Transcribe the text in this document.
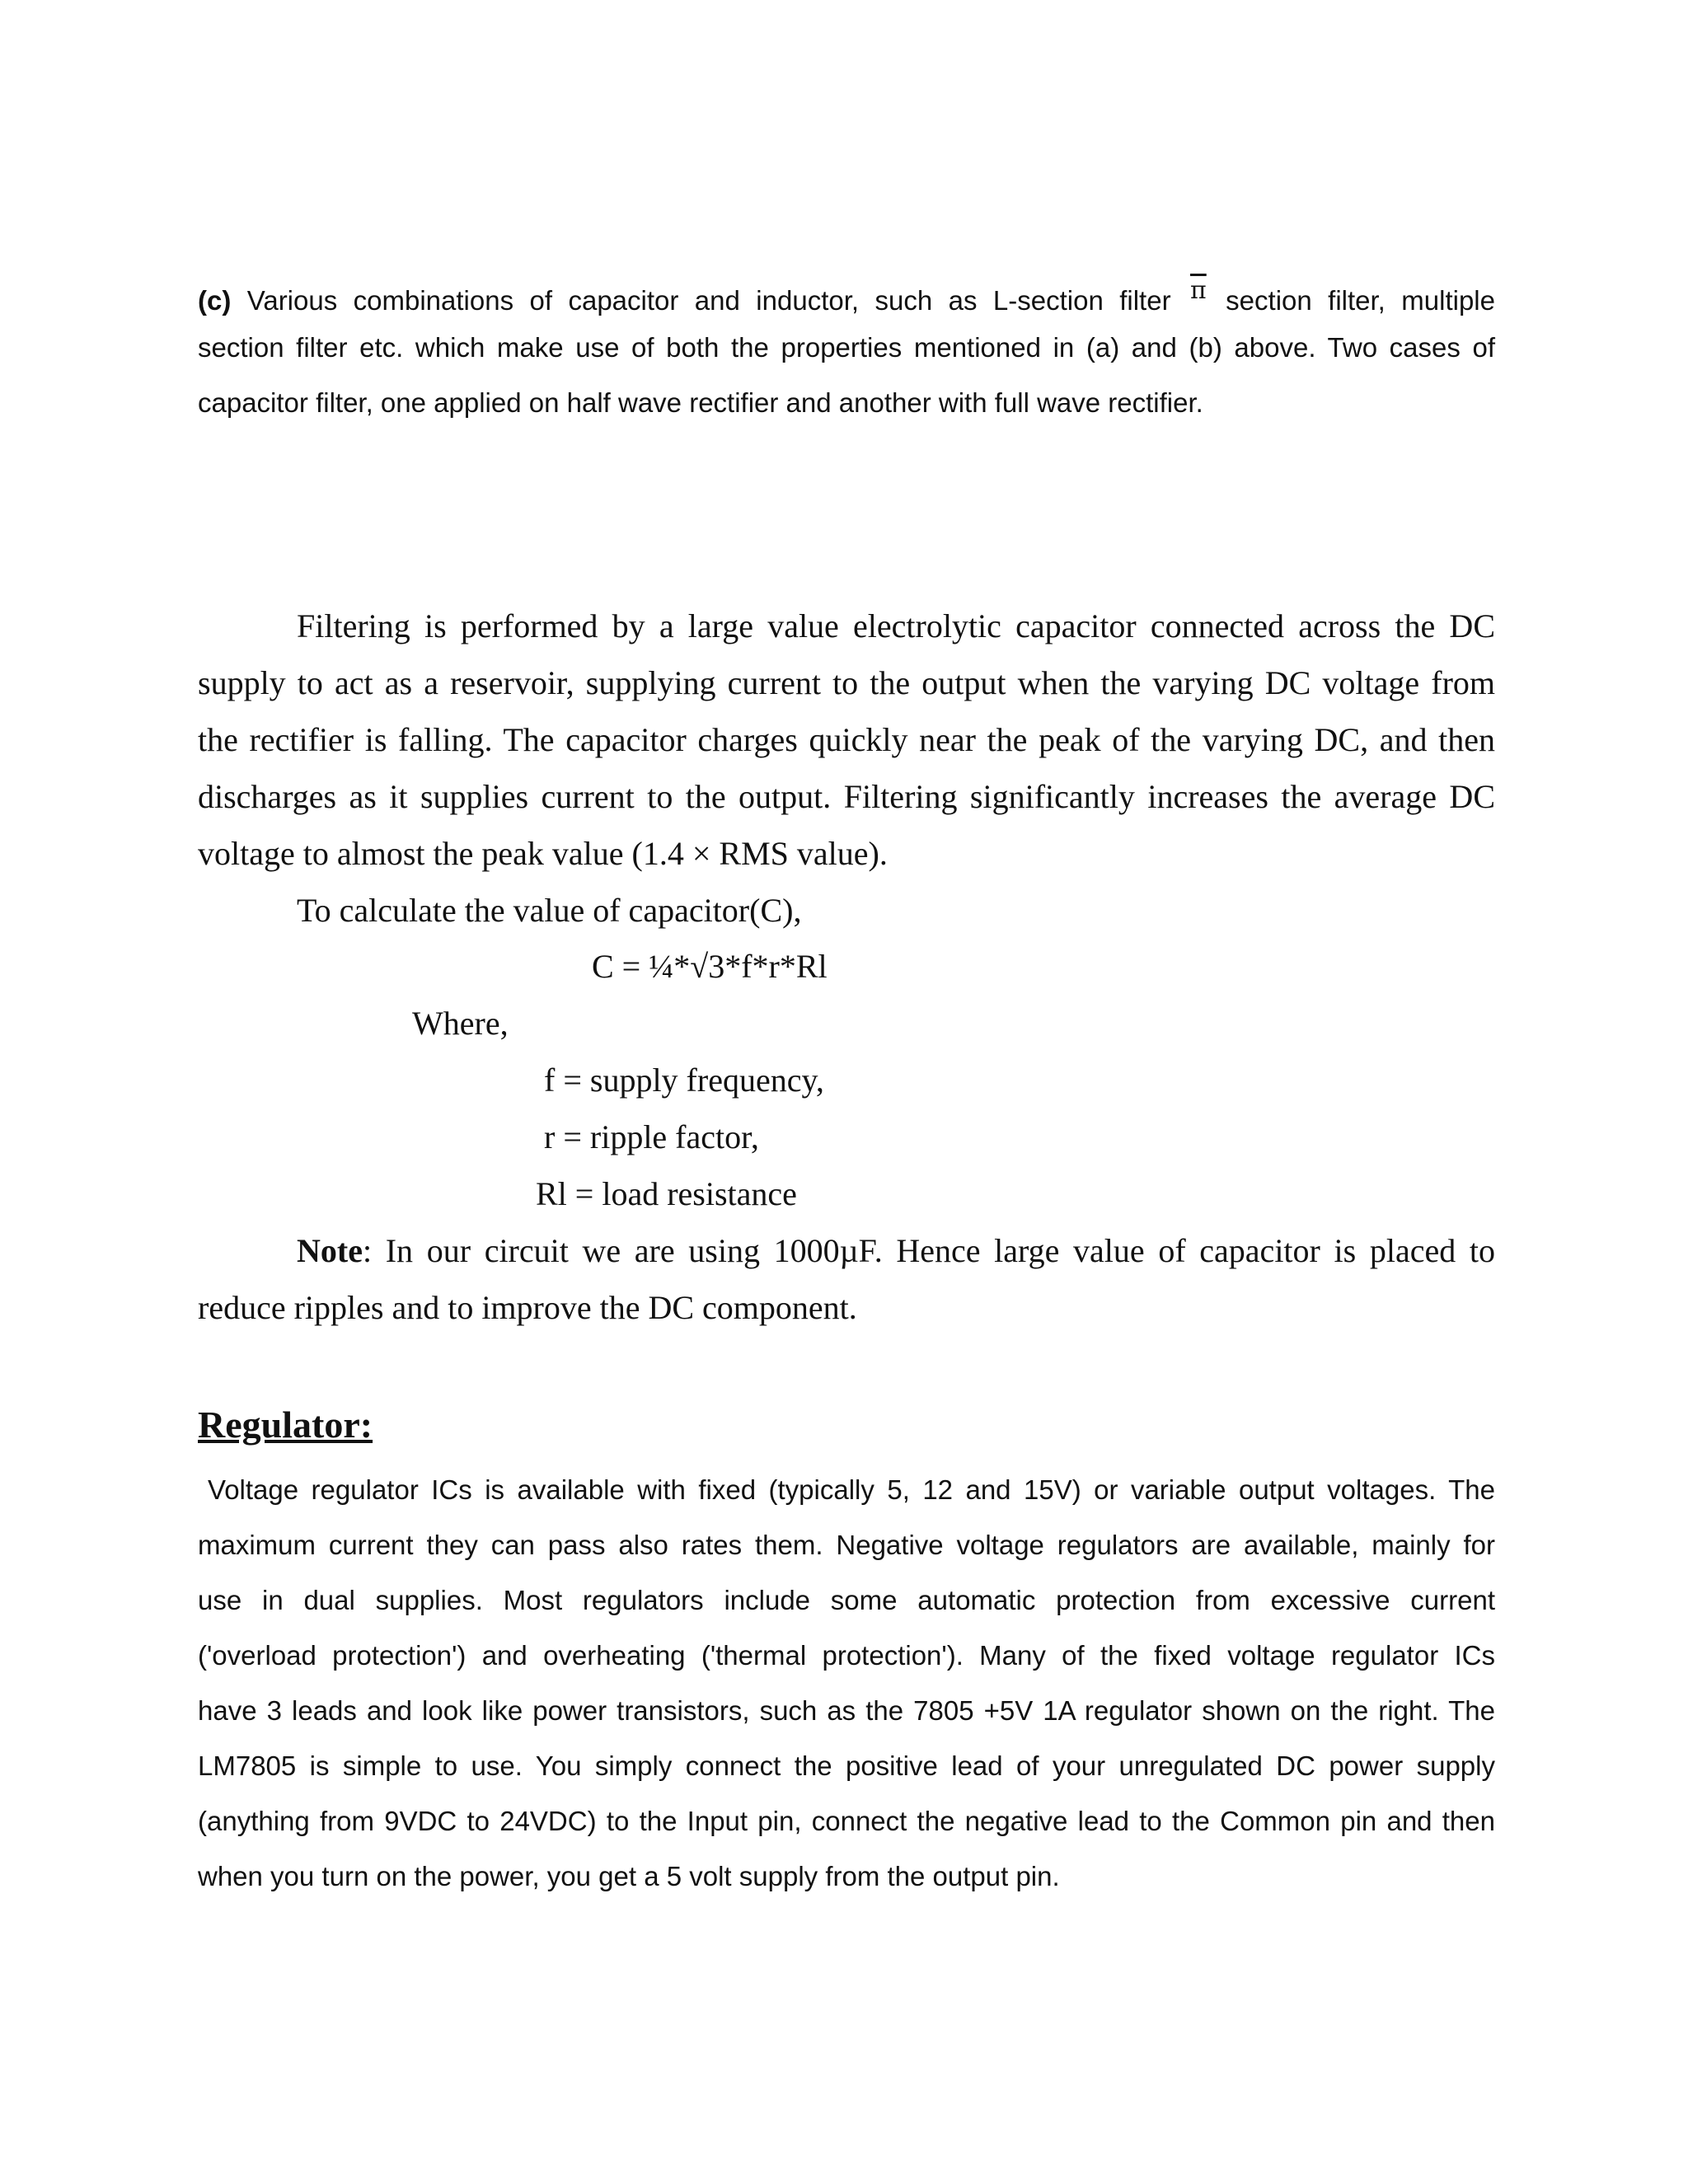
(c) Various combinations of capacitor and inductor, such as L-section filter $\overline{\pi}$ section filter, multiple
section filter etc. which make use of both the properties mentioned in (a) and (b) above. Two cases of
capacitor filter, one applied on half wave rectifier and another with full wave rectifier.
Filtering is performed by a large value electrolytic capacitor connected across the DC
supply to act as a reservoir, supplying current to the output when the varying DC voltage from
the rectifier is falling. The capacitor charges quickly near the peak of the varying DC, and then
discharges as it supplies current to the output. Filtering significantly increases the average DC
voltage to almost the peak value (1.4 × RMS value).
To calculate the value of capacitor(C),
C = ¼*√3*f*r*Rl
Where,
f = supply frequency,
r = ripple factor,
Rl = load resistance
Note: In our circuit we are using 1000µF. Hence large value of capacitor is placed to
reduce ripples and to improve the DC component.
Regulator:
Voltage regulator ICs is available with fixed (typically 5, 12 and 15V) or variable output voltages. The
maximum current they can pass also rates them. Negative voltage regulators are available, mainly for
use in dual supplies. Most regulators include some automatic protection from excessive current
('overload protection') and overheating ('thermal protection'). Many of the fixed voltage regulator ICs
have 3 leads and look like power transistors, such as the 7805 +5V 1A regulator shown on the right. The
LM7805 is simple to use. You simply connect the positive lead of your unregulated DC power supply
(anything from 9VDC to 24VDC) to the Input pin, connect the negative lead to the Common pin and then
when you turn on the power, you get a 5 volt supply from the output pin.
